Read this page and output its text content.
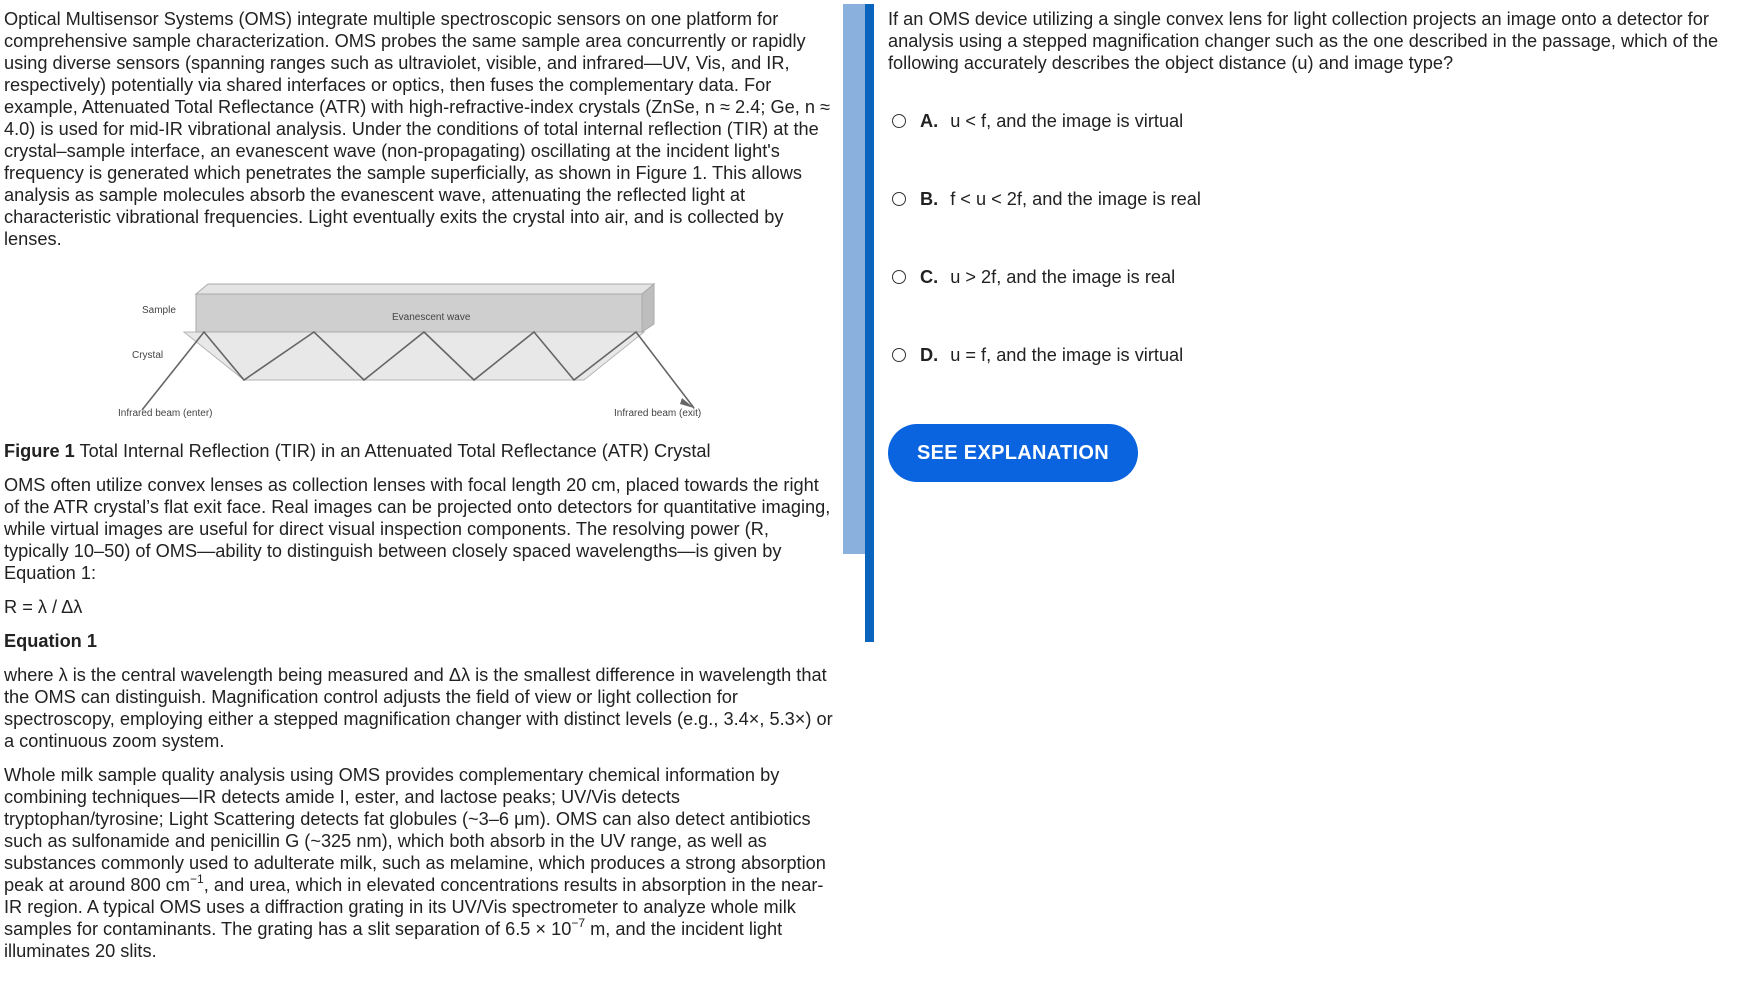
Optical Multisensor Systems (OMS) integrate multiple spectroscopic sensors on one platform for comprehensive sample characterization. OMS probes the same sample area concurrently or rapidly using diverse sensors (spanning ranges such as ultraviolet, visible, and infrared—UV, Vis, and IR, respectively) potentially via shared interfaces or optics, then fuses the complementary data. For example, Attenuated Total Reflectance (ATR) with high-refractive-index crystals (ZnSe, n ≈ 2.4; Ge, n ≈ 4.0) is used for mid-IR vibrational analysis. Under the conditions of total internal reflection (TIR) at the crystal–sample interface, an evanescent wave (non-propagating) oscillating at the incident light's frequency is generated which penetrates the sample superficially, as shown in Figure 1. This allows analysis as sample molecules absorb the evanescent wave, attenuating the reflected light at characteristic vibrational frequencies. Light eventually exits the crystal into air, and is collected by lenses.

Sample
Crystal
Evanescent wave
Infrared beam (enter)	Infrared beam (exit)

Figure 1 Total Internal Reflection (TIR) in an Attenuated Total Reflectance (ATR) Crystal

OMS often utilize convex lenses as collection lenses with focal length 20 cm, placed towards the right of the ATR crystal’s flat exit face. Real images can be projected onto detectors for quantitative imaging, while virtual images are useful for direct visual inspection components. The resolving power (R, typically 10–50) of OMS—ability to distinguish between closely spaced wavelengths—is given by Equation 1:

R = λ / Δλ

Equation 1

where λ is the central wavelength being measured and Δλ is the smallest difference in wavelength that the OMS can distinguish. Magnification control adjusts the field of view or light collection for spectroscopy, employing either a stepped magnification changer with distinct levels (e.g., 3.4×, 5.3×) or a continuous zoom system.

Whole milk sample quality analysis using OMS provides complementary chemical information by combining techniques—IR detects amide I, ester, and lactose peaks; UV/Vis detects tryptophan/tyrosine; Light Scattering detects fat globules (~3–6 μm). OMS can also detect antibiotics such as sulfonamide and penicillin G (~325 nm), which both absorb in the UV range, as well as substances commonly used to adulterate milk, such as melamine, which produces a strong absorption peak at around 800 $cm^{-1}$, and urea, which in elevated concentrations results in absorption in the near-IR region. A typical OMS uses a diffraction grating in its UV/Vis spectrometer to analyze whole milk samples for contaminants. The grating has a slit separation of $6.5 \times 10^{-7}$ m, and the incident light illuminates 20 slits.

If an OMS device utilizing a single convex lens for light collection projects an image onto a detector for analysis using a stepped magnification changer such as the one described in the passage, which of the following accurately describes the object distance (u) and image type?

A. u < f, and the image is virtual
B. f < u < 2f, and the image is real
C. u > 2f, and the image is real
D. u = f, and the image is virtual
SEE EXPLANATION
